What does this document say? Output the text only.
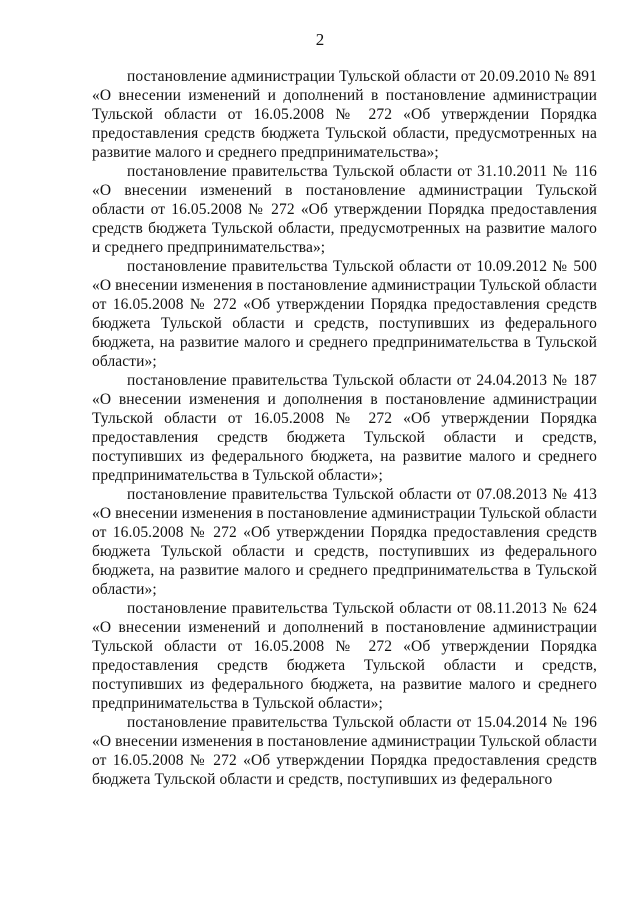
2

постановление администрации Тульской области от 20.09.2010 № 891 «О внесении изменений и дополнений в постановление администрации Тульской области от 16.05.2008 № 272 «Об утверждении Порядка предоставления средств бюджета Тульской области, предусмотренных на развитие малого и среднего предпринимательства»;

постановление правительства Тульской области от 31.10.2011 № 116 «О внесении изменений в постановление администрации Тульской области от 16.05.2008 № 272 «Об утверждении Порядка предоставления средств бюджета Тульской области, предусмотренных на развитие малого и среднего предпринимательства»;

постановление правительства Тульской области от 10.09.2012 № 500 «О внесении изменения в постановление администрации Тульской области от 16.05.2008 № 272 «Об утверждении Порядка предоставления средств бюджета Тульской области и средств, поступивших из федерального бюджета, на развитие малого и среднего предпринимательства в Тульской области»;

постановление правительства Тульской области от 24.04.2013 № 187 «О внесении изменения и дополнения в постановление администрации Тульской области от 16.05.2008 № 272 «Об утверждении Порядка предоставления средств бюджета Тульской области и средств, поступивших из федерального бюджета, на развитие малого и среднего предпринимательства в Тульской области»;

постановление правительства Тульской области от 07.08.2013 № 413 «О внесении изменения в постановление администрации Тульской области от 16.05.2008 № 272 «Об утверждении Порядка предоставления средств бюджета Тульской области и средств, поступивших из федерального бюджета, на развитие малого и среднего предпринимательства в Тульской области»;

постановление правительства Тульской области от 08.11.2013 № 624 «О внесении изменений и дополнений в постановление администрации Тульской области от 16.05.2008 № 272 «Об утверждении Порядка предоставления средств бюджета Тульской области и средств, поступивших из федерального бюджета, на развитие малого и среднего предпринимательства в Тульской области»;

постановление правительства Тульской области от 15.04.2014 № 196 «О внесении изменения в постановление администрации Тульской области от 16.05.2008 № 272 «Об утверждении Порядка предоставления средств бюджета Тульской области и средств, поступивших из федерального
